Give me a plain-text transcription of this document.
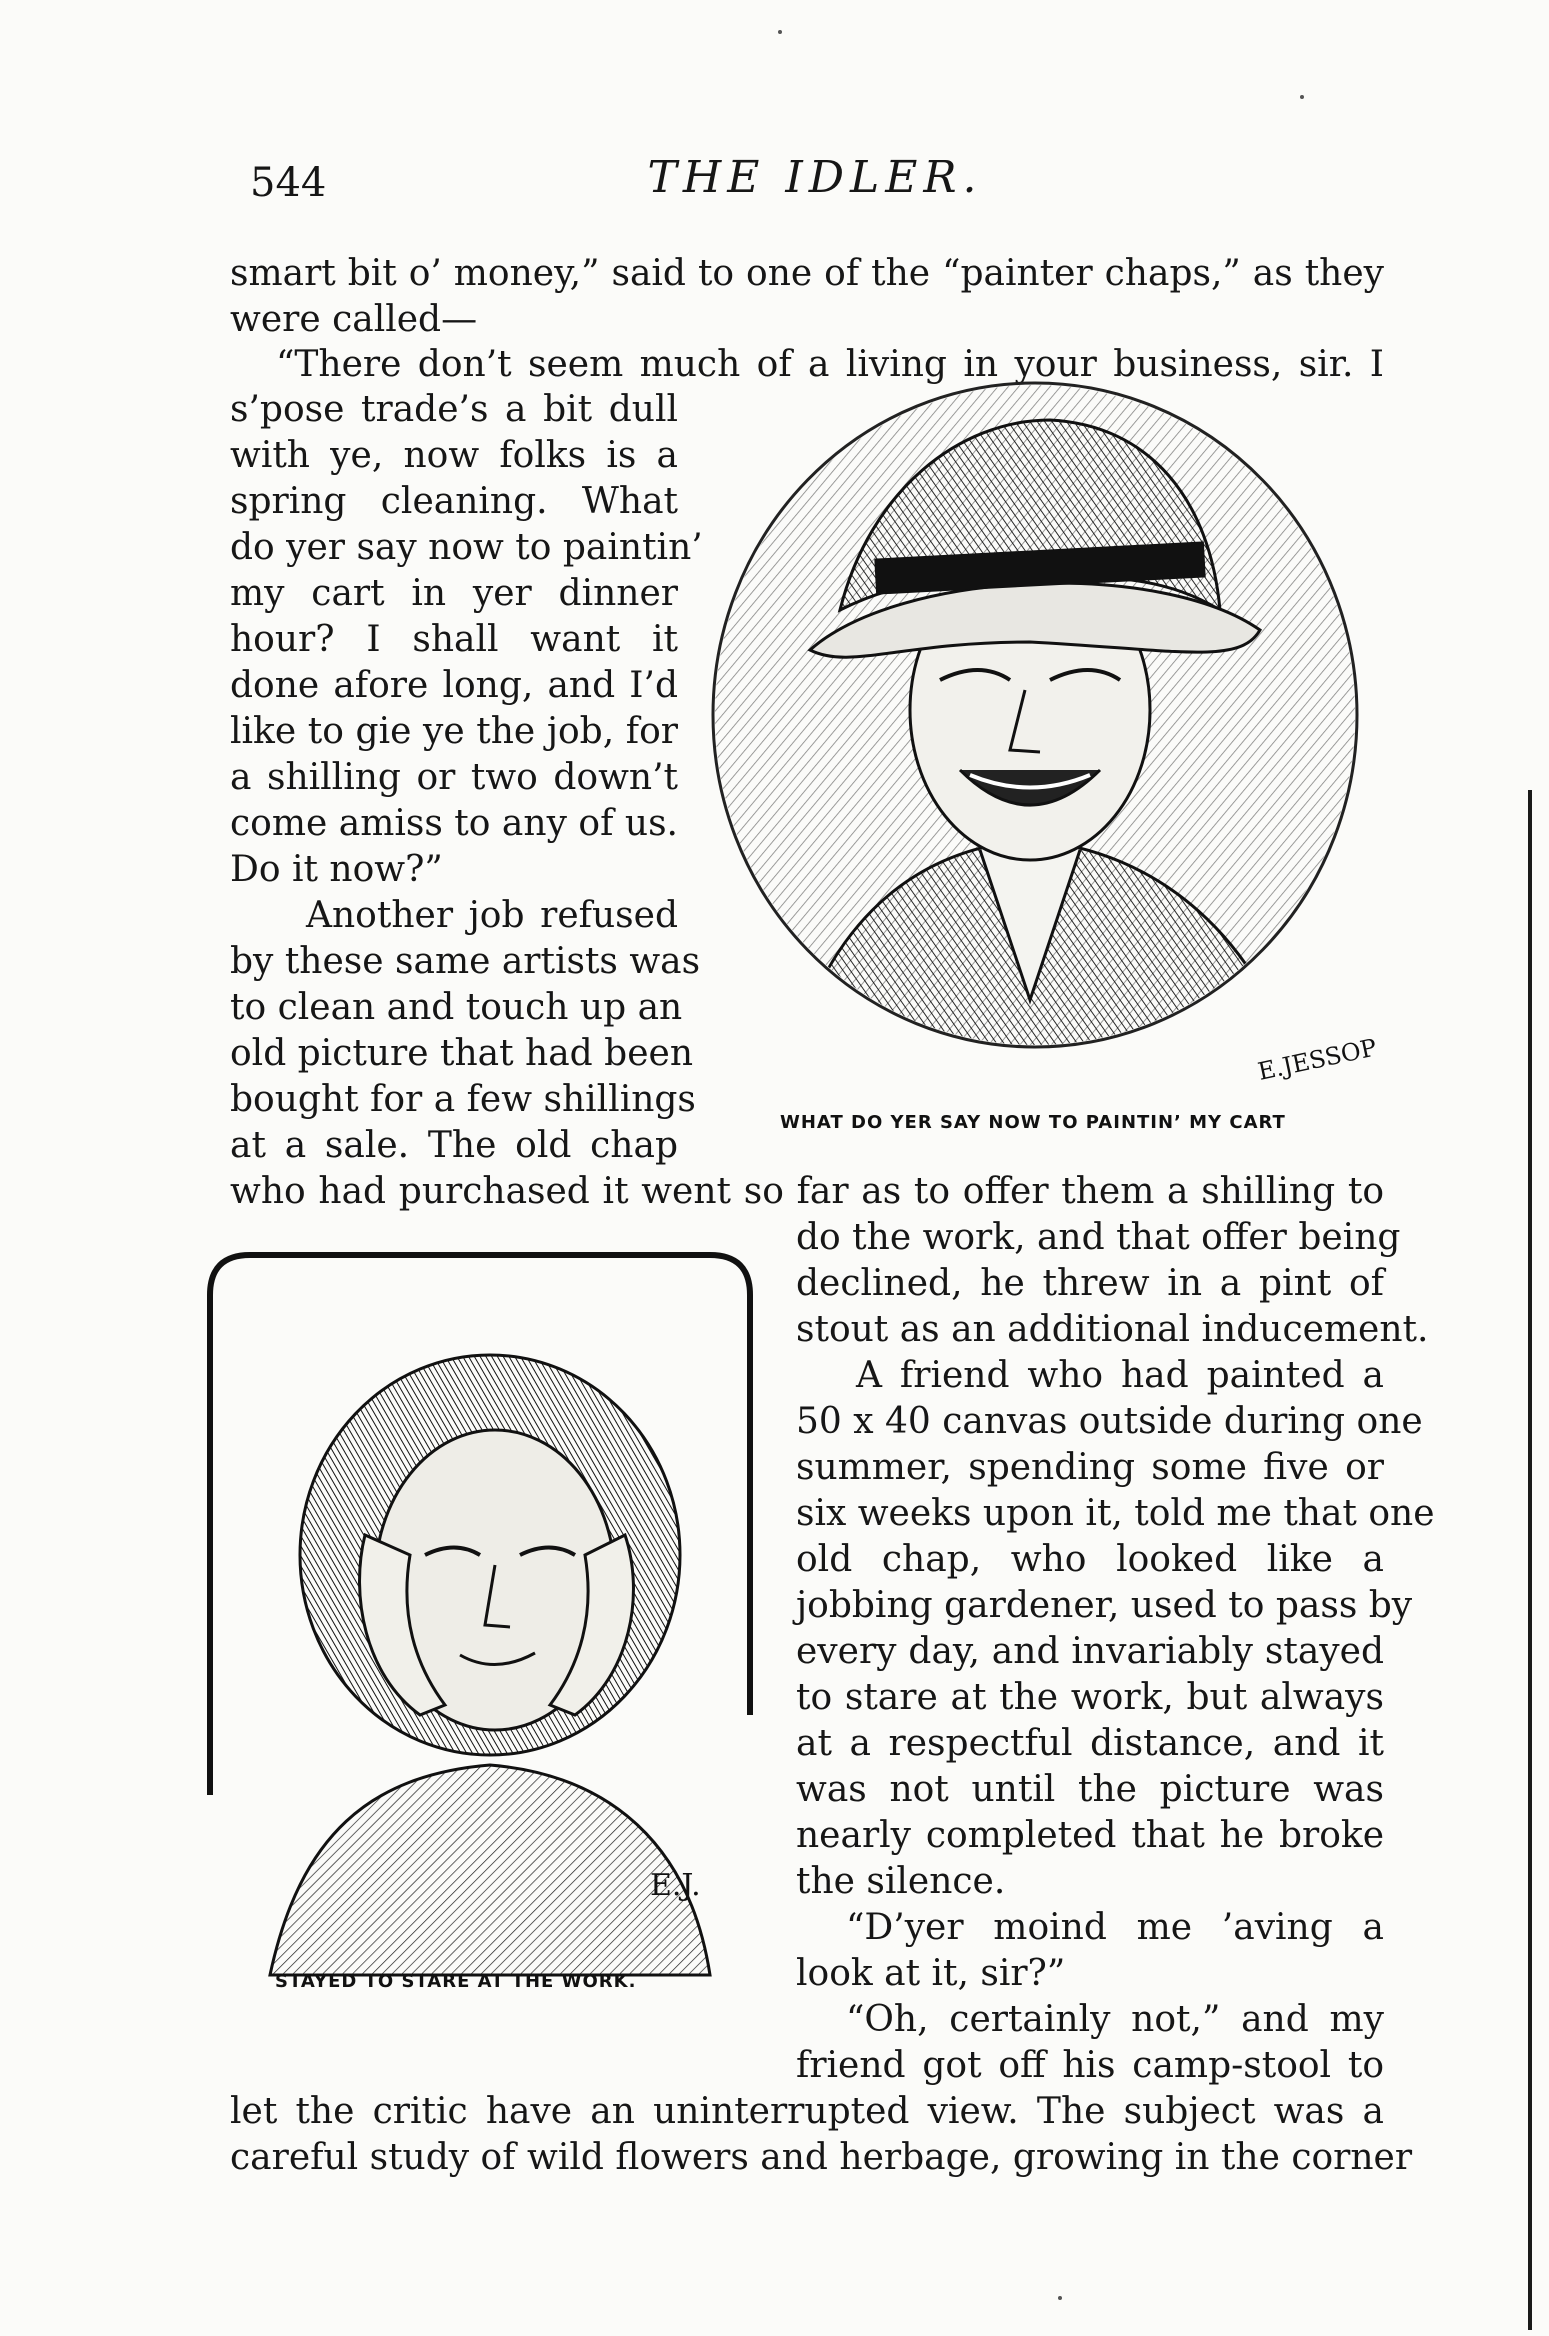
544	THE IDLER.
smart bit o’ money,” said to one of the “painter chaps,” as they
were called—
“There don’t seem much of a living in your business, sir. I
s’pose trade’s a bit dull
with ye, now folks is a
spring cleaning. What
do yer say now to paintin’
my cart in yer dinner
hour? I shall want it
done afore long, and I’d
like to gie ye the job, for
a shilling or two down’t
come amiss to any of us.
Do it now?”
Another job refused
by these same artists was
to clean and touch up an
old picture that had been
bought for a few shillings
at a sale. The old chap
who had purchased it went so far as to offer them a shilling to
do the work, and that offer being
declined, he threw in a pint of
stout as an additional inducement.
A friend who had painted a
50 x 40 canvas outside during one
summer, spending some five or
six weeks upon it, told me that one
old chap, who looked like a
jobbing gardener, used to pass by
every day, and invariably stayed
to stare at the work, but always
at a respectful distance, and it
was not until the picture was
nearly completed that he broke
the silence.
“D’yer moind me ’aving a
look at it, sir?”
“Oh, certainly not,” and my
friend got off his camp-stool to
let the critic have an uninterrupted view. The subject was a
careful study of wild flowers and herbage, growing in the corner
E.JESSOP
WHAT DO YER SAY NOW TO PAINTIN’ MY CART
E.J.
STAYED TO STARE AT THE WORK.
